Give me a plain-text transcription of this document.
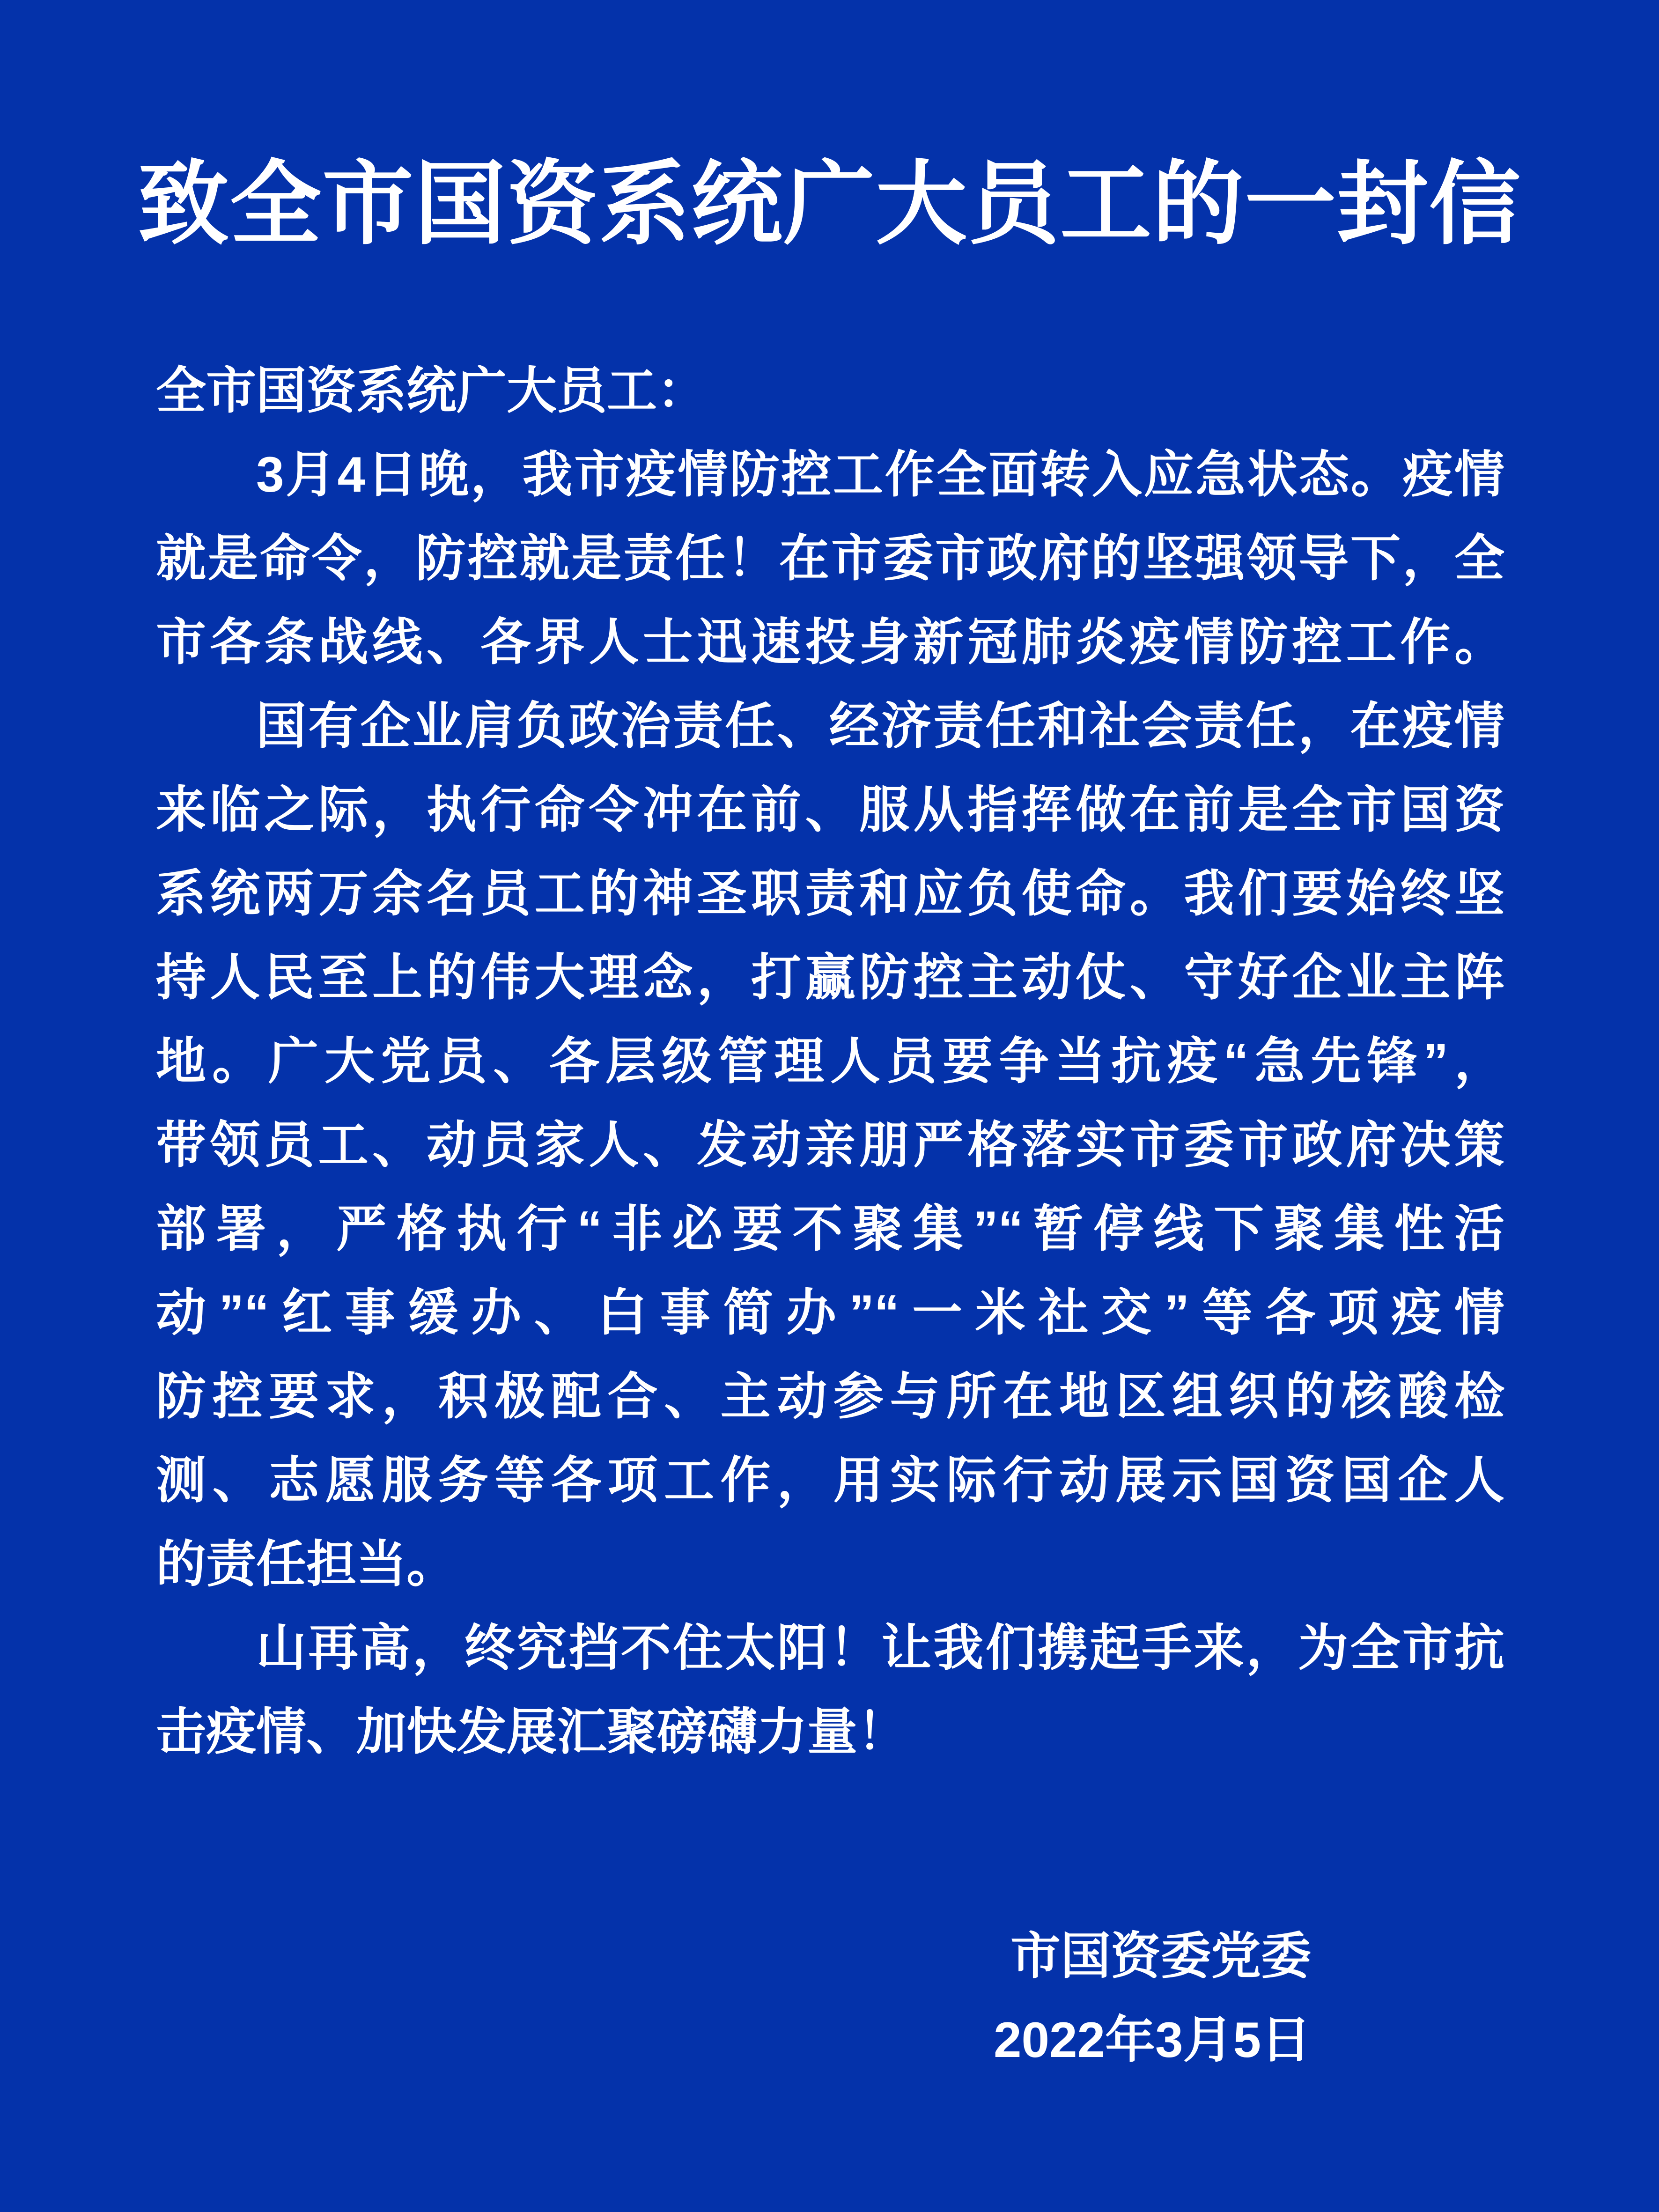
致全市国资系统广大员工的一封信
全市国资系统广大员工：
3月4日晚，我市疫情防控工作全面转入应急状态。疫情
就是命令，防控就是责任！在市委市政府的坚强领导下，全
市各条战线、各界人士迅速投身新冠肺炎疫情防控工作。
国有企业肩负政治责任、经济责任和社会责任，在疫情
来临之际，执行命令冲在前、服从指挥做在前是全市国资
系统两万余名员工的神圣职责和应负使命。我们要始终坚
持人民至上的伟大理念，打赢防控主动仗、守好企业主阵
地。广大党员、各层级管理人员要争当抗疫“急先锋”，
带领员工、动员家人、发动亲朋严格落实市委市政府决策
部署，严格执行“非必要不聚集”“暂停线下聚集性活
动”“红事缓办、白事简办”“一米社交”等各项疫情
防控要求，积极配合、主动参与所在地区组织的核酸检
测、志愿服务等各项工作，用实际行动展示国资国企人
的责任担当。
山再高，终究挡不住太阳！让我们携起手来，为全市抗
击疫情、加快发展汇聚磅礴力量！
市国资委党委
2022年3月5日
